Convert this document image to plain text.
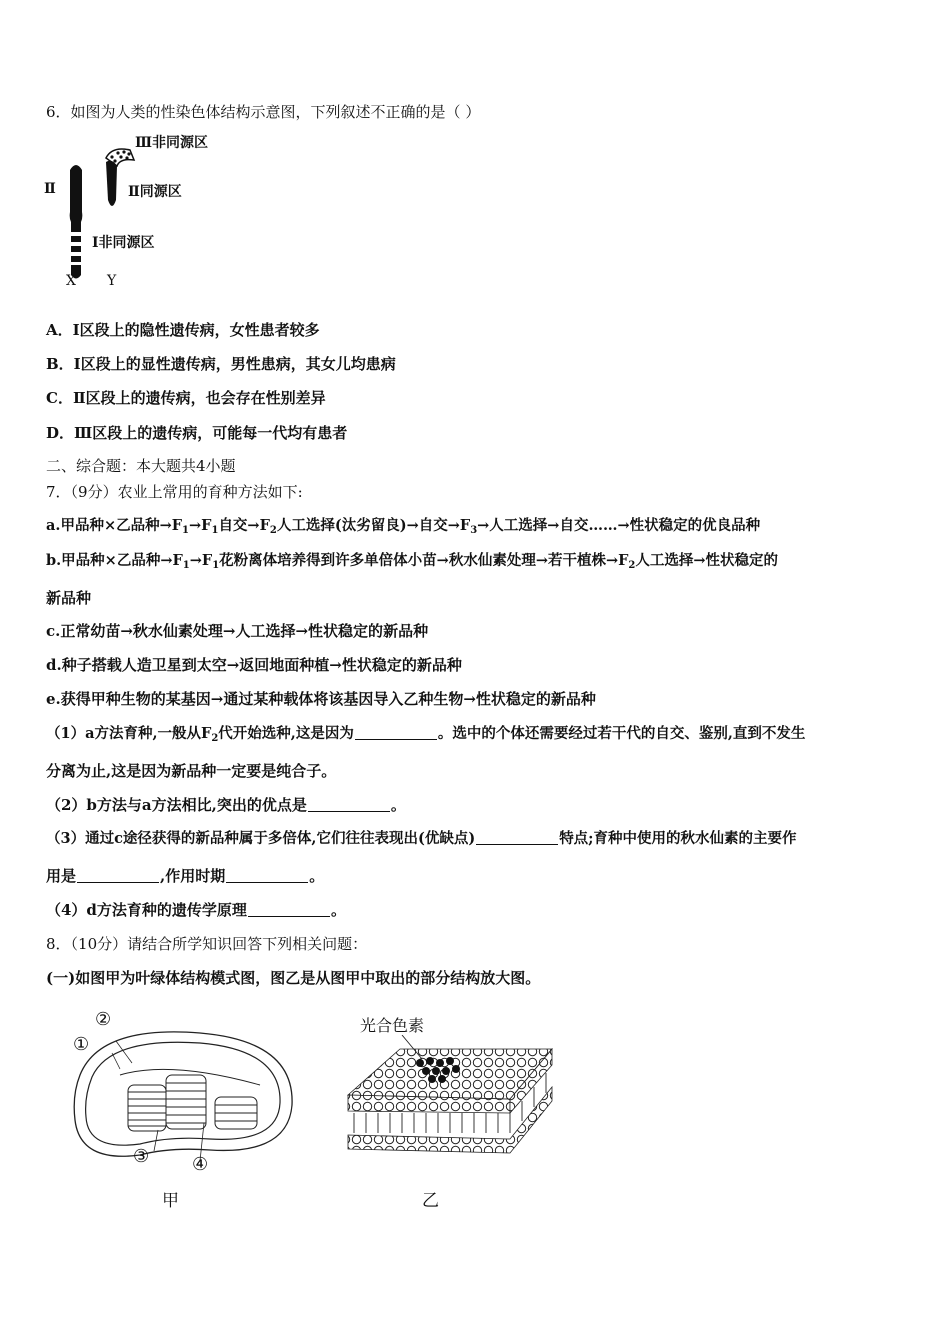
6．如图为人类的性染色体结构示意图，下列叙述不正确的是（ ）
Ⅲ非同源区
Ⅱ同源区
Ⅱ
Ⅰ非同源区
X Y
A．Ⅰ区段上的隐性遗传病，女性患者较多
B．I区段上的显性遗传病，男性患病，其女儿均患病
C．Ⅱ区段上的遗传病，也会存在性别差异
D．Ⅲ区段上的遗传病，可能每一代均有患者
二、综合题：本大题共4小题
7．（9分）农业上常用的育种方法如下:
a.甲品种×乙品种$\to F_1\to F_1$自交$\to F_2$人工选择(汰劣留良)→自交$\to F_3\to$人工选择→自交……→性状稳定的优良品种
b.甲品种×乙品种$\to F_1\to F_1$花粉离体培养得到许多单倍体小苗→秋水仙素处理→若干植株$\to F_2$人工选择→性状稳定的
新品种
c.正常幼苗→秋水仙素处理→人工选择→性状稳定的新品种
d.种子搭载人造卫星到太空→返回地面种植→性状稳定的新品种
e.获得甲种生物的某基因→通过某种载体将该基因导入乙种生物→性状稳定的新品种
（1）a方法育种,一般从$F_2$代开始选种,这是因为	。选中的个体还需要经过若干代的自交、鉴别,直到不发生
分离为止,这是因为新品种一定要是纯合子。
（2）b方法与a方法相比,突出的优点是	。
（3）通过c途径获得的新品种属于多倍体,它们往往表现出(优缺点)	特点;育种中使用的秋水仙素的主要作
用是	,作用时期	。
（4）d方法育种的遗传学原理	。
8．（10分）请结合所学知识回答下列相关问题：
(一)如图甲为叶绿体结构模式图，图乙是从图甲中取出的部分结构放大图。
②
①
③ ④
甲
光合色素
乙
